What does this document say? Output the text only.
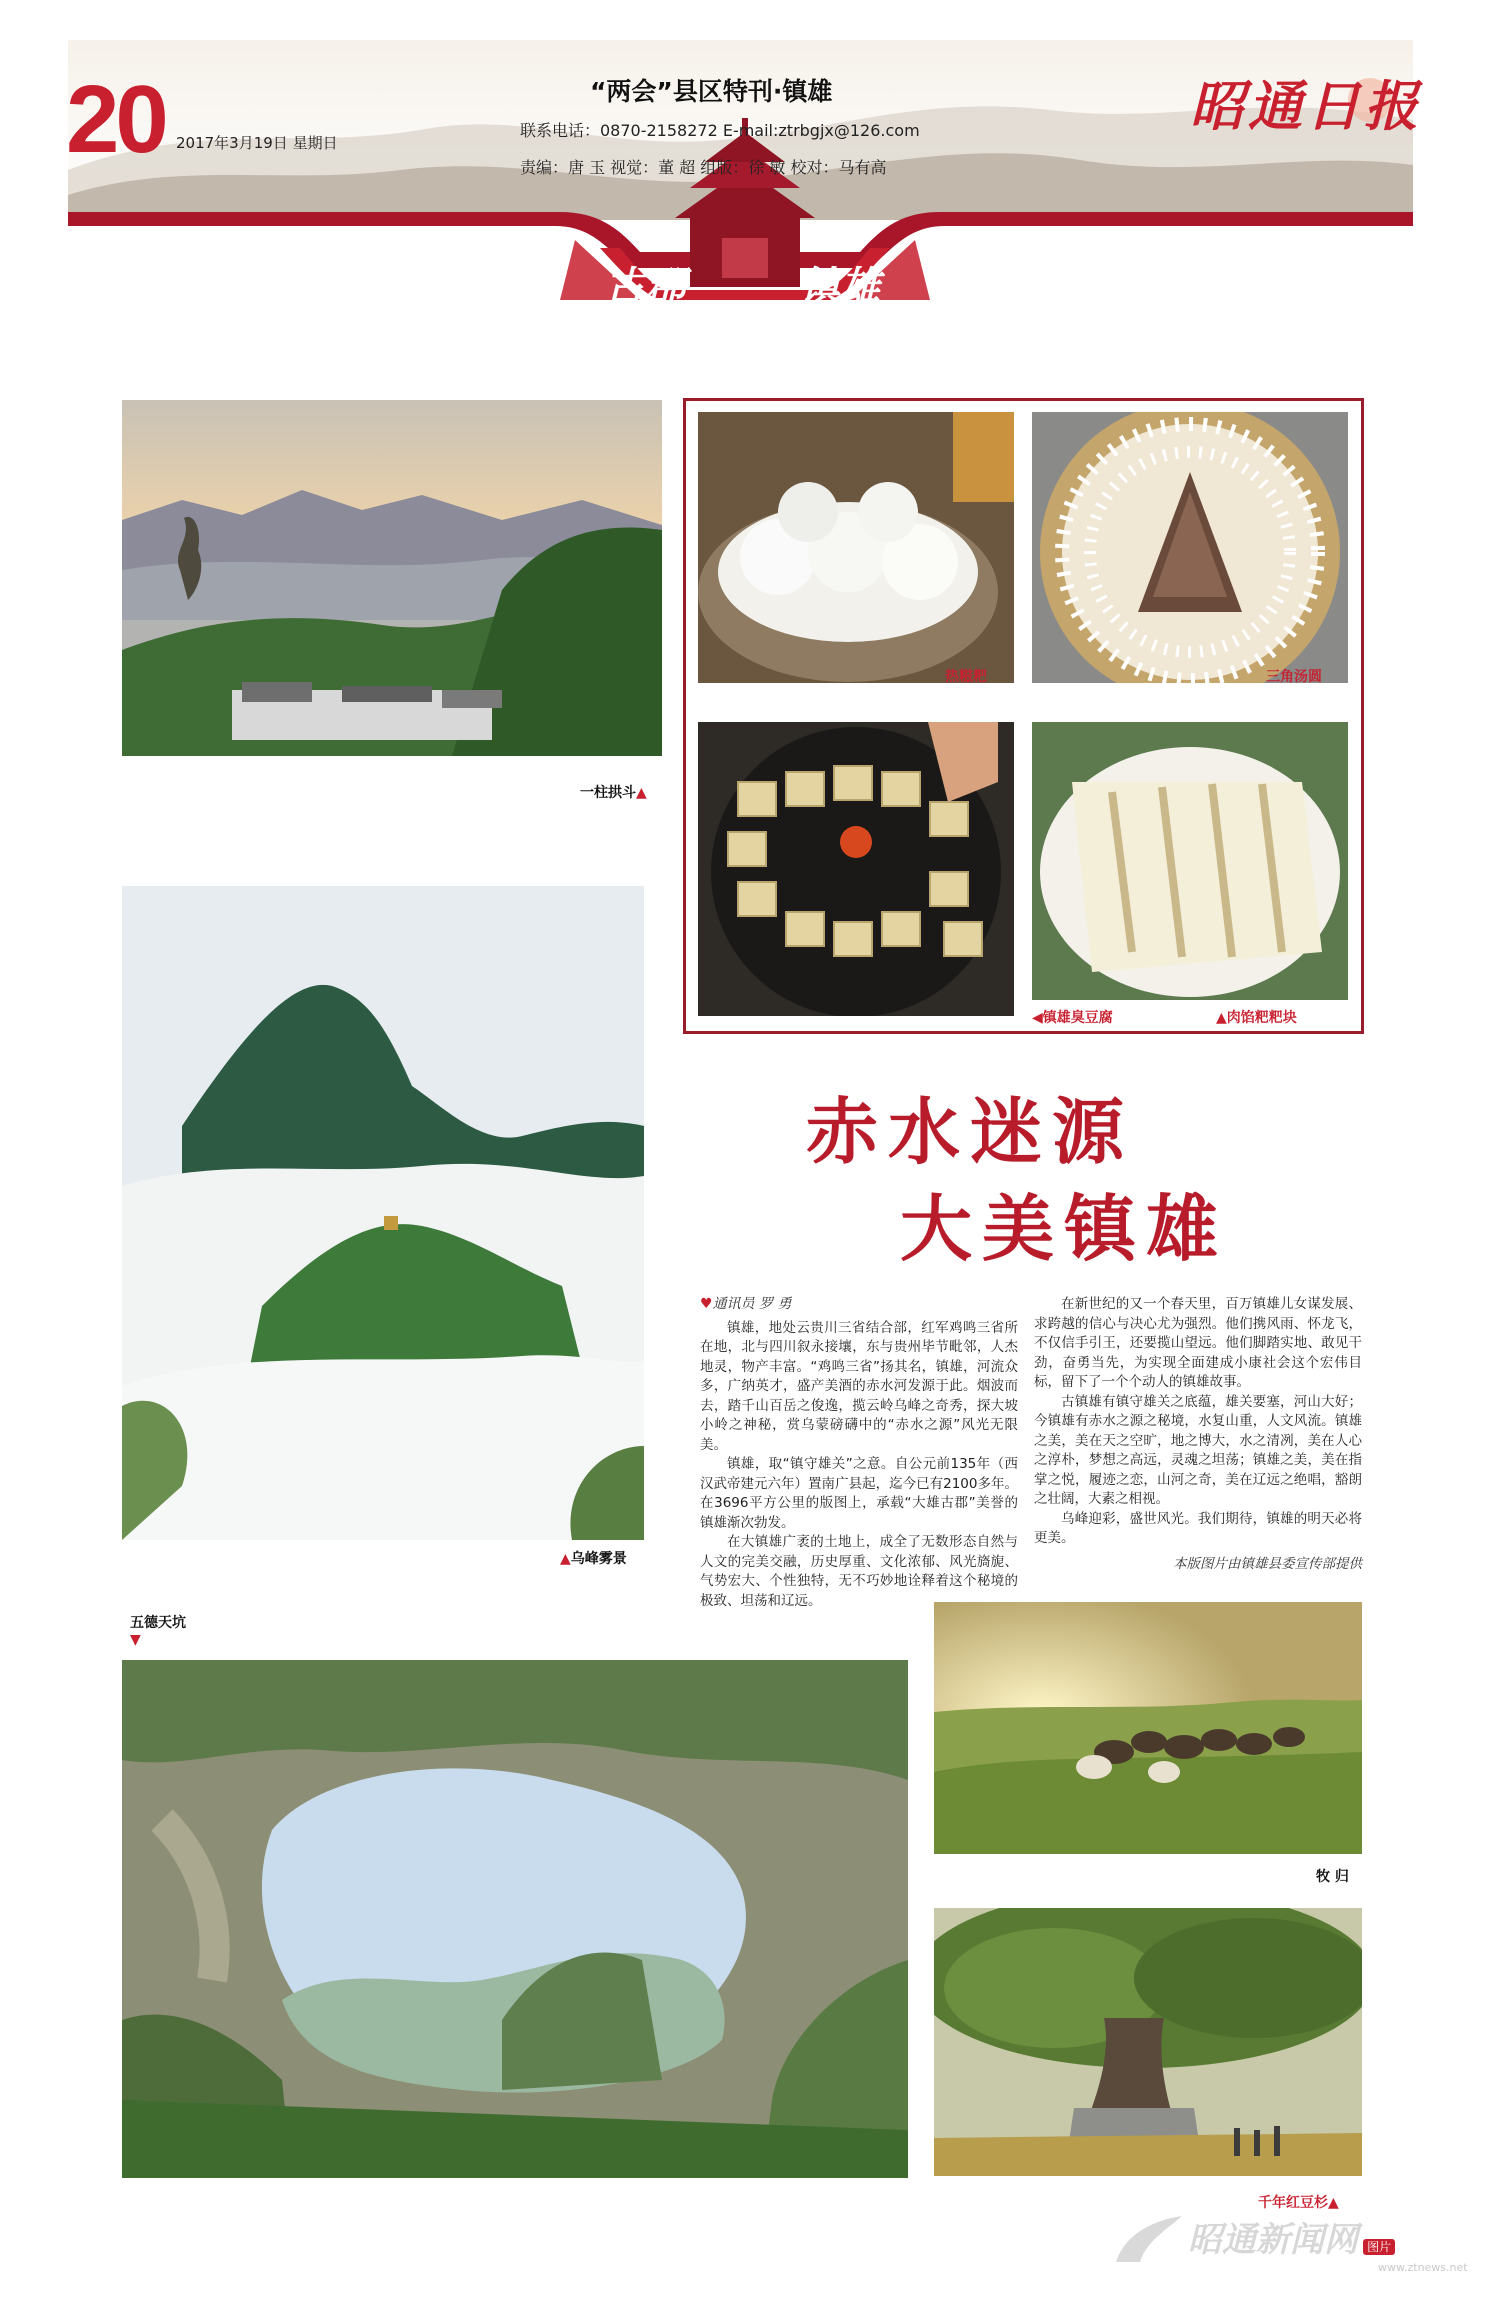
20 2017年3月19日 星期日
“两会”县区特刊·镇雄
联系电话：0870-2158272 E-mail:ztrbgjx@126.com
责编：唐 玉 视觉：董 超 组版：徐 敏 校对：马有高
昭通日报
古郡	镇雄
一柱拱斗▲
热糍粑	三角汤圆
◀镇雄臭豆腐	▲肉馅粑粑块
▲乌峰雾景
赤水迷源
大美镇雄
♥通讯员 罗 勇

镇雄，地处云贵川三省结合部，红军鸡鸣三省所在地，北与四川叙永接壤，东与贵州毕节毗邻，人杰地灵，物产丰富。“鸡鸣三省”扬其名，镇雄，河流众多，广纳英才，盛产美酒的赤水河发源于此。烟波而去，踏千山百岳之俊逸，揽云岭乌峰之奇秀，探大坡小岭之神秘，赏乌蒙磅礴中的“赤水之源”风光无限美。

镇雄，取“镇守雄关”之意。自公元前135年（西汉武帝建元六年）置南广县起，迄今已有2100多年。在3696平方公里的版图上，承载“大雄古郡”美誉的镇雄渐次勃发。

在大镇雄广袤的土地上，成全了无数形态自然与人文的完美交融，历史厚重、文化浓郁、风光旖旎、气势宏大、个性独特，无不巧妙地诠释着这个秘境的极致、坦荡和辽远。

在新世纪的又一个春天里，百万镇雄儿女谋发展、求跨越的信心与决心尤为强烈。他们携风雨、怀龙飞，不仅信手引王，还要揽山望远。他们脚踏实地、敢见干劲，奋勇当先，为实现全面建成小康社会这个宏伟目标，留下了一个个动人的镇雄故事。

古镇雄有镇守雄关之底蕴，雄关要塞，河山大好；今镇雄有赤水之源之秘境，水复山重，人文风流。镇雄之美，美在天之空旷，地之博大，水之清冽，美在人心之淳朴，梦想之高远，灵魂之坦荡；镇雄之美，美在指掌之悦，履迹之恋，山河之奇，美在辽远之绝唱，豁朗之壮阔，大素之相视。

乌峰迎彩，盛世风光。我们期待，镇雄的明天必将更美。

本版图片由镇雄县委宣传部提供
五德天坑
▼
牧 归
千年红豆杉▲
昭通新闻网 图片
www.ztnews.net
